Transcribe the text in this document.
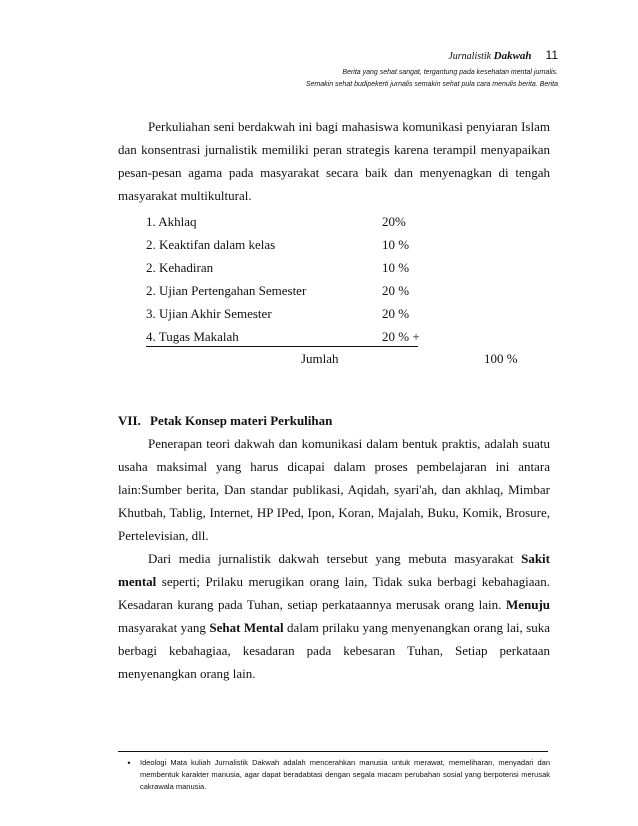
Jurnalistik Dakwah 11
Berita yang sehat sangat, tergantung pada kesehatan mental jurnalis.
Semakin sehat budipekerti jurnalis semakin sehat pula cara menulis berita. Berita

Perkuliahan seni berdakwah ini bagi mahasiswa komunikasi penyiaran Islam dan konsentrasi jurnalistik memiliki peran strategis karena terampil menyapaikan pesan-pesan agama pada masyarakat secara baik dan menyenagkan di tengah masyarakat multikultural.

1. Akhlaq	20%
2. Keaktifan dalam kelas	10 %
2. Kehadiran	10 %
2. Ujian Pertengahan Semester	20 %
3. Ujian Akhir Semester	20 %
4. Tugas Makalah	20 % +
Jumlah	100 %
VII. Petak Konsep materi Perkulihan

Penerapan teori dakwah dan komunikasi dalam bentuk praktis, adalah suatu usaha maksimal yang harus dicapai dalam proses pembelajaran ini antara lain:Sumber berita, Dan standar publikasi, Aqidah, syari'ah, dan akhlaq, Mimbar Khutbah, Tablig, Internet, HP IPed, Ipon, Koran, Majalah, Buku, Komik, Brosure, Pertelevisian, dll.

Dari media jurnalistik dakwah tersebut yang mebuta masyarakat Sakit mental seperti; Prilaku merugikan orang lain, Tidak suka berbagi kebahagiaan. Kesadaran kurang pada Tuhan, setiap perkataannya merusak orang lain. Menuju masyarakat yang Sehat Mental dalam prilaku yang menyenangkan orang lai, suka berbagi kebahagiaa, kesadaran pada kebesaran Tuhan, Setiap perkataan menyenangkan orang lain.

•	Ideologi Mata kuliah Jurnalistik Dakwah adalah mencerahkan manusia untuk merawat, memeliharan, menyadari dan membentuk karakter manusia, agar dapat beradabtasi dengan segala macam perubahan sosial yang berpotensi merusak cakrawala manusia.
